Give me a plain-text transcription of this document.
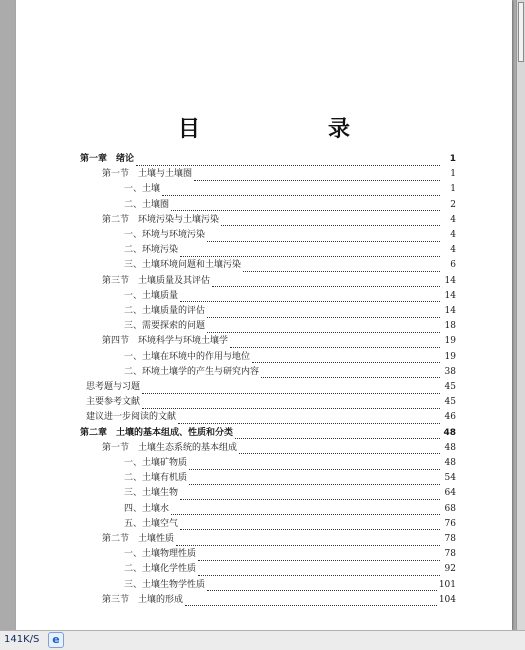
目　　录
第一章　绪论	1
第一节　土壤与土壤圈	1
一、土壤	1
二、土壤圈	2
第二节　环境污染与土壤污染	4
一、环境与环境污染	4
二、环境污染	4
三、土壤环境问题和土壤污染	6
第三节　土壤质量及其评估	14
一、土壤质量	14
二、土壤质量的评估	14
三、需要探索的问题	18
第四节　环境科学与环境土壤学	19
一、土壤在环境中的作用与地位	19
二、环境土壤学的产生与研究内容	38
思考题与习题	45
主要参考文献	45
建议进一步阅读的文献	46
第二章　土壤的基本组成、性质和分类	48
第一节　土壤生态系统的基本组成	48
一、土壤矿物质	48
二、土壤有机质	54
三、土壤生物	64
四、土壤水	68
五、土壤空气	76
第二节　土壤性质	78
一、土壤物理性质	78
二、土壤化学性质	92
三、土壤生物学性质	101
第三节　土壤的形成	104
141K/S	e
